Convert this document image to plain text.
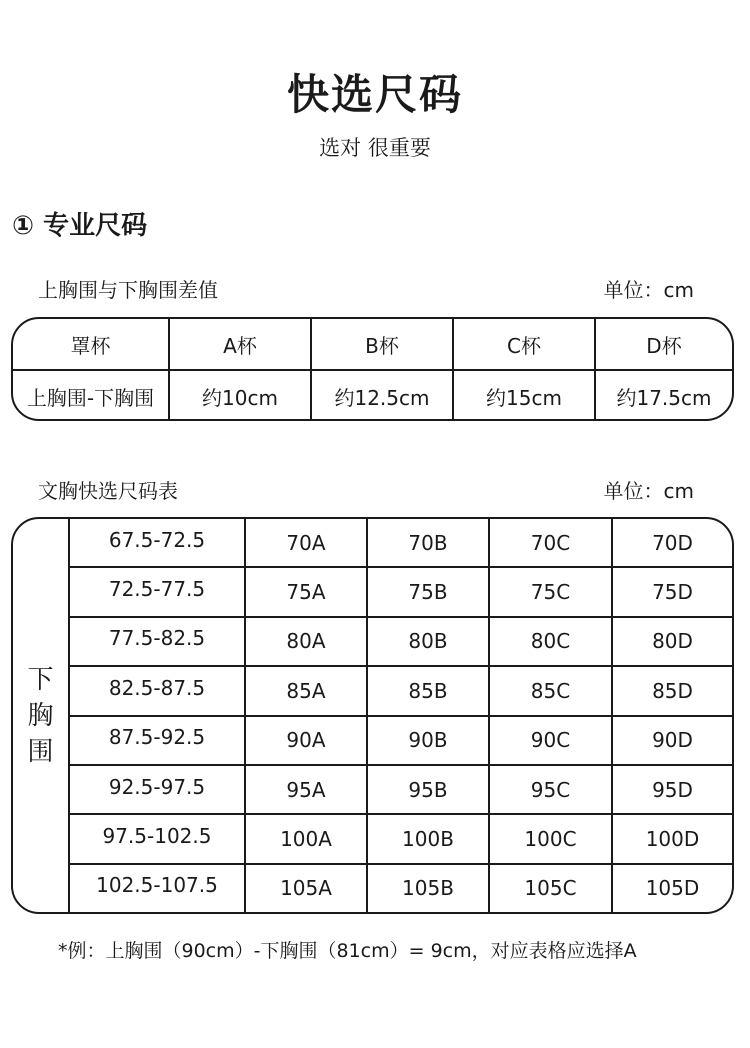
快选尺码
选对 很重要
① 专业尺码
上胸围与下胸围差值	单位：cm
罩杯	A杯	B杯	C杯	D杯
上胸围-下胸围	约10cm	约12.5cm	约15cm	约17.5cm
文胸快选尺码表	单位：cm
下
胸
围
67.5-72.5	70A	70B	70C	70D
72.5-77.5	75A	75B	75C	75D
77.5-82.5	80A	80B	80C	80D
82.5-87.5	85A	85B	85C	85D
87.5-92.5	90A	90B	90C	90D
92.5-97.5	95A	95B	95C	95D
97.5-102.5	100A	100B	100C	100D
102.5-107.5	105A	105B	105C	105D
*例：上胸围（90cm）-下胸围（81cm）= 9cm，对应表格应选择A
